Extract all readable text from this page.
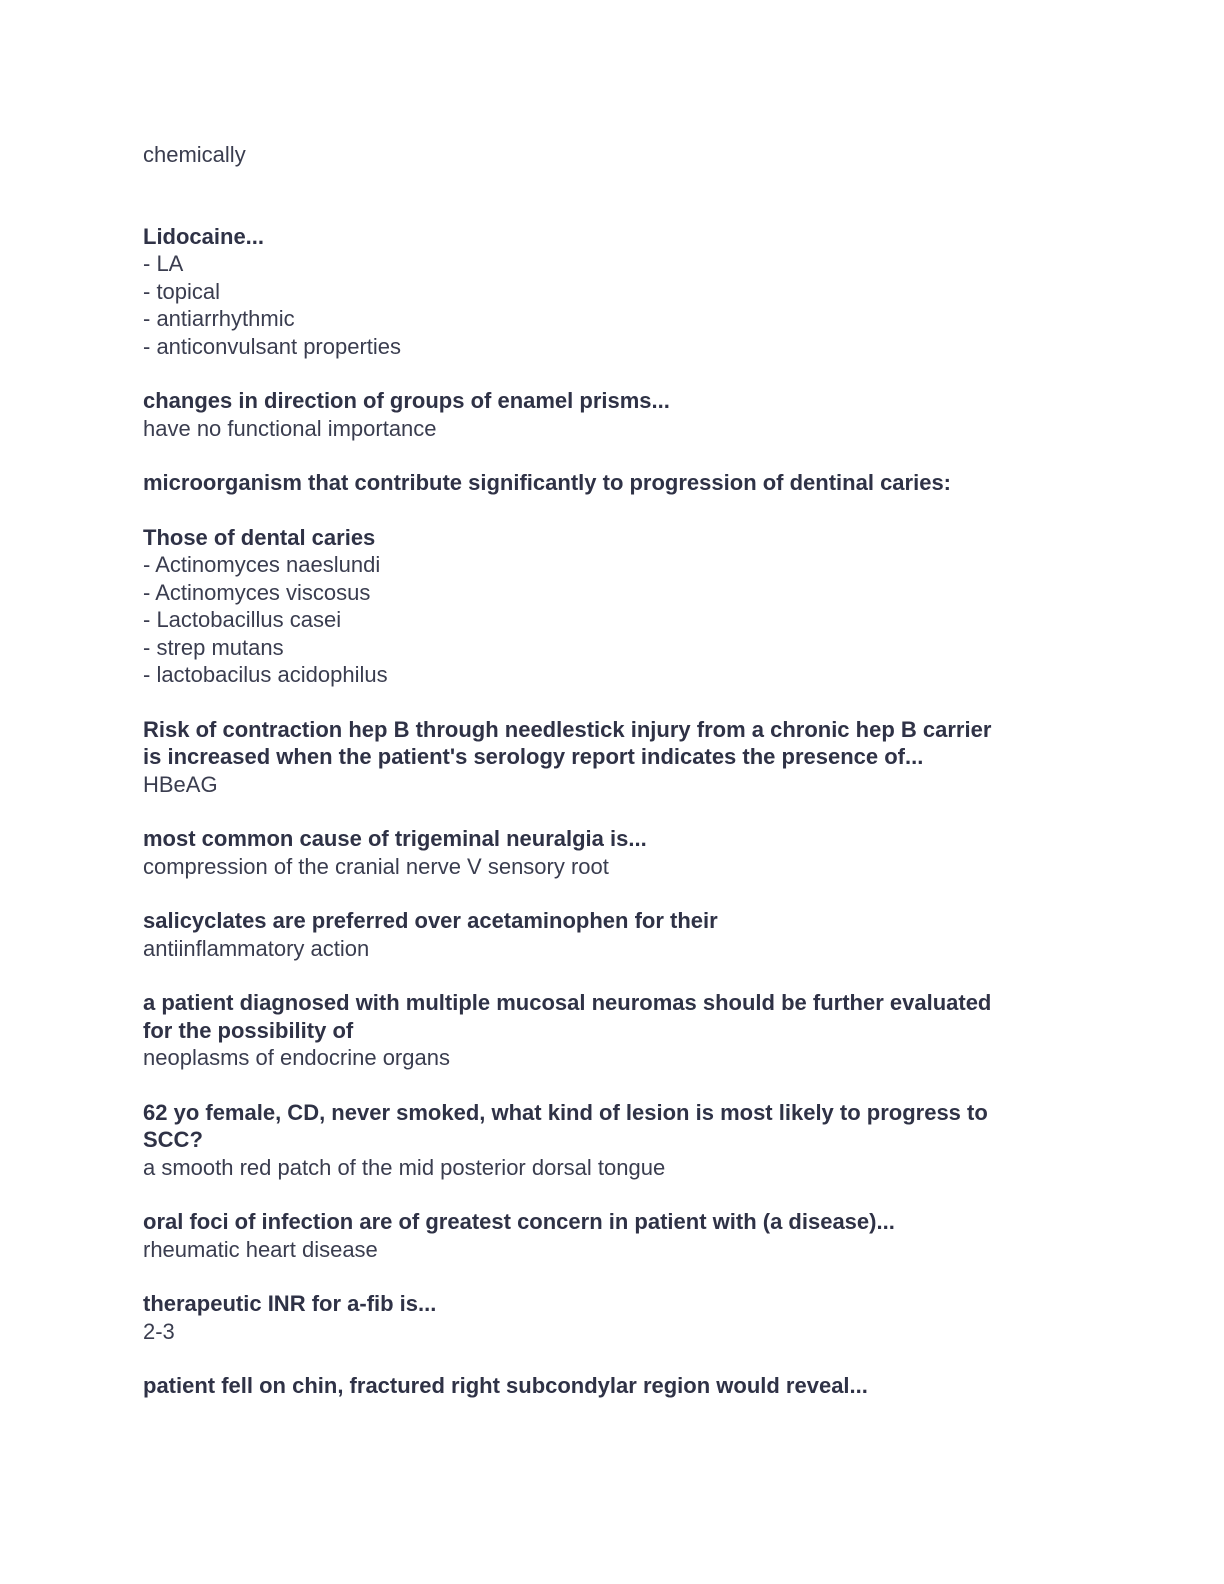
chemically

Lidocaine...

- LA

- topical

- antiarrhythmic

- anticonvulsant properties

changes in direction of groups of enamel prisms...

have no functional importance

microorganism that contribute significantly to progression of dentinal caries:

Those of dental caries

- Actinomyces naeslundi

- Actinomyces viscosus

- Lactobacillus casei

- strep mutans

- lactobacilus acidophilus

Risk of contraction hep B through needlestick injury from a chronic hep B carrier

is increased when the patient's serology report indicates the presence of...

HBeAG

most common cause of trigeminal neuralgia is...

compression of the cranial nerve V sensory root

salicyclates are preferred over acetaminophen for their

antiinflammatory action

a patient diagnosed with multiple mucosal neuromas should be further evaluated

for the possibility of

neoplasms of endocrine organs

62 yo female, CD, never smoked, what kind of lesion is most likely to progress to

SCC?

a smooth red patch of the mid posterior dorsal tongue

oral foci of infection are of greatest concern in patient with (a disease)...

rheumatic heart disease

therapeutic INR for a-fib is...

2-3

patient fell on chin, fractured right subcondylar region would reveal...
